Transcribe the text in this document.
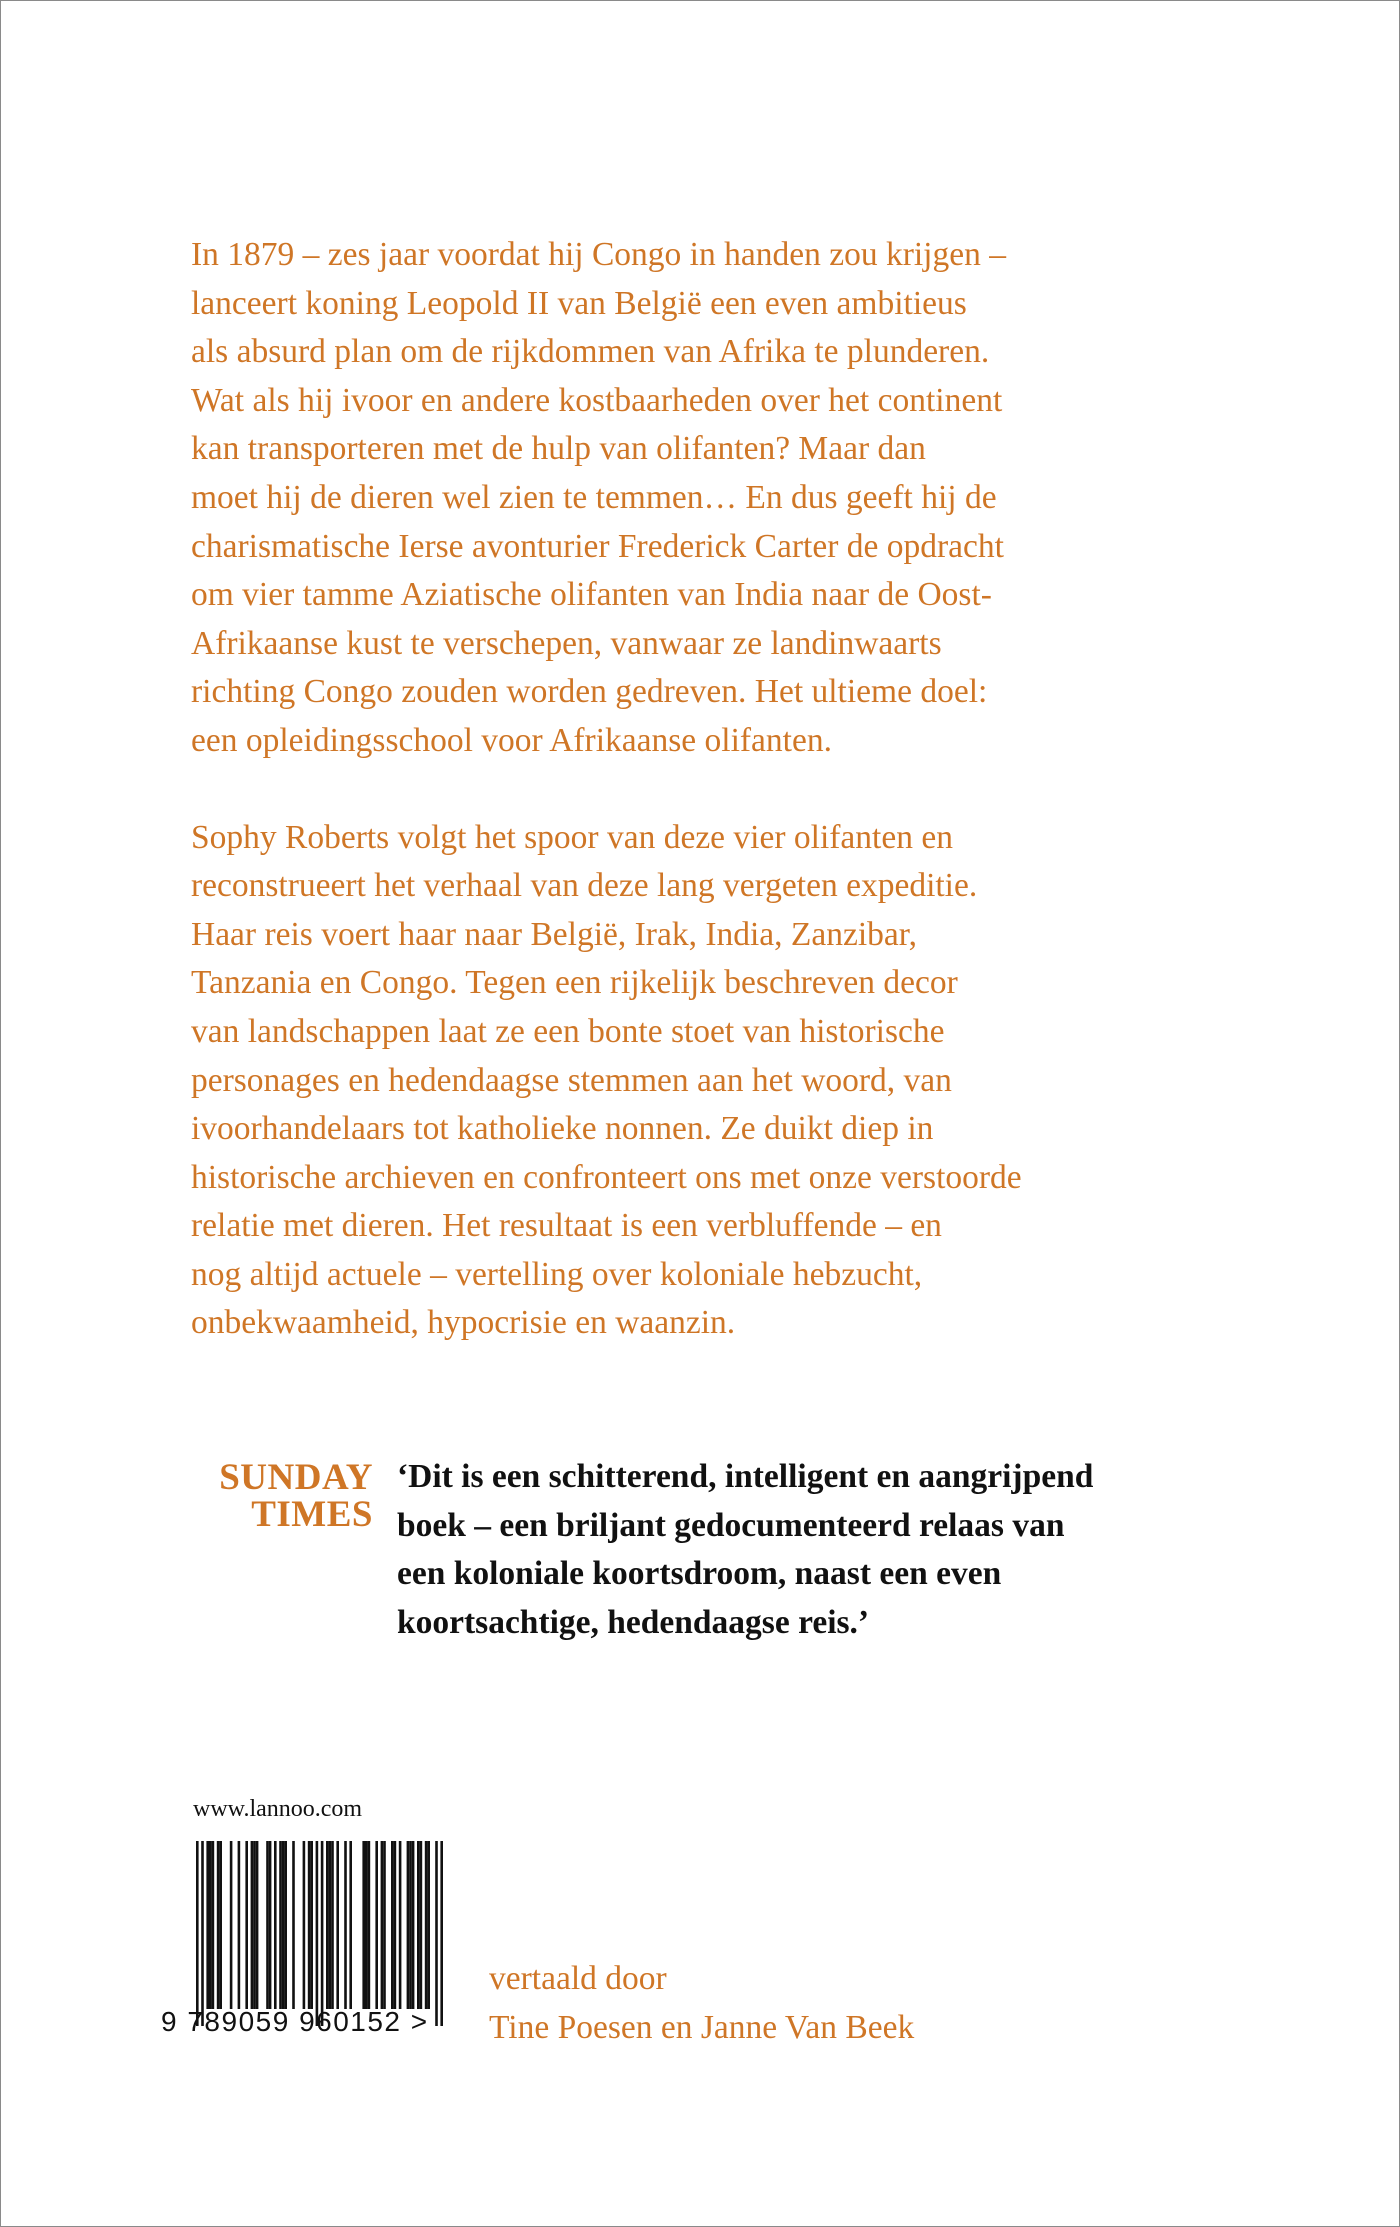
In 1879 – zes jaar voordat hij Congo in handen zou krijgen –
lanceert koning Leopold II van België een even ambitieus
als absurd plan om de rijkdommen van Afrika te plunderen.
Wat als hij ivoor en andere kostbaarheden over het continent
kan transporteren met de hulp van olifanten? Maar dan
moet hij de dieren wel zien te temmen… En dus geeft hij de
charismatische Ierse avonturier Frederick Carter de opdracht
om vier tamme Aziatische olifanten van India naar de Oost-
Afrikaanse kust te verschepen, vanwaar ze landinwaarts
richting Congo zouden worden gedreven. Het ultieme doel:
een opleidingsschool voor Afrikaanse olifanten.

Sophy Roberts volgt het spoor van deze vier olifanten en
reconstrueert het verhaal van deze lang vergeten expeditie.
Haar reis voert haar naar België, Irak, India, Zanzibar,
Tanzania en Congo. Tegen een rijkelijk beschreven decor
van landschappen laat ze een bonte stoet van historische
personages en hedendaagse stemmen aan het woord, van
ivoorhandelaars tot katholieke nonnen. Ze duikt diep in
historische archieven en confronteert ons met onze verstoorde
relatie met dieren. Het resultaat is een verbluffende – en
nog altijd actuele – vertelling over koloniale hebzucht,
onbekwaamheid, hypocrisie en waanzin.

SUNDAY
TIMES
‘Dit is een schitterend, intelligent en aangrijpend
boek – een briljant gedocumenteerd relaas van
een koloniale koortsdroom, naast een even
koortsachtige, hedendaagse reis.’
www.lannoo.com
9 789059 960152 >
vertaald door
Tine Poesen en Janne Van Beek
